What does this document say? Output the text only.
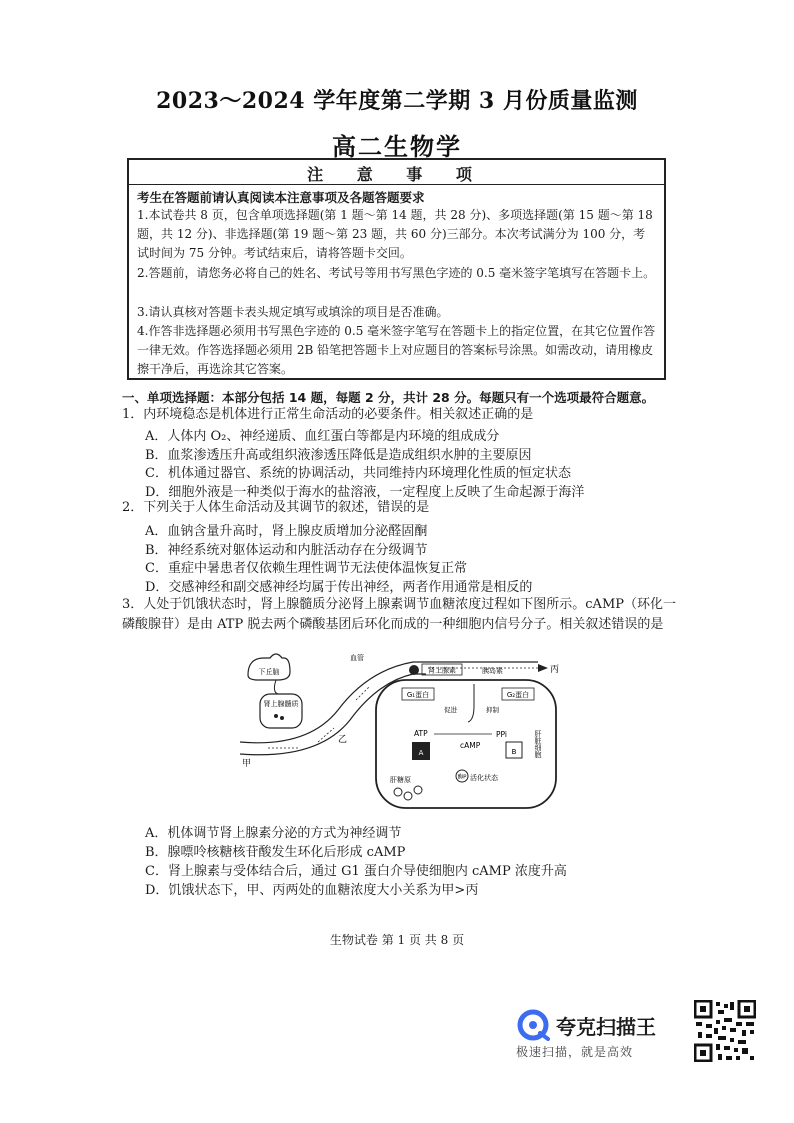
2023～2024 学年度第二学期 3 月份质量监测
高二生物学
注 意 事 项
考生在答题前请认真阅读本注意事项及各题答题要求
1.本试卷共 8 页，包含单项选择题(第 1 题～第 14 题，共 28 分)、多项选择题(第 15 题～第 18 题，共 12 分)、非选择题(第 19 题～第 23 题，共 60 分)三部分。本次考试满分为 100 分，考试时间为 75 分钟。考试结束后，请将答题卡交回。
2.答题前，请您务必将自己的姓名、考试号等用书写黑色字迹的 0.5 毫米签字笔填写在答题卡上。
3.请认真核对答题卡表头规定填写或填涂的项目是否准确。
4.作答非选择题必须用书写黑色字迹的 0.5 毫米签字笔写在答题卡上的指定位置，在其它位置作答一律无效。作答选择题必须用 2B 铅笔把答题卡上对应题目的答案标号涂黑。如需改动，请用橡皮擦干净后，再选涂其它答案。
一、单项选择题：本部分包括 14 题，每题 2 分，共计 28 分。每题只有一个选项最符合题意。
1．内环境稳态是机体进行正常生命活动的必要条件。相关叙述正确的是
A．人体内 O₂、神经递质、血红蛋白等都是内环境的组成成分
B．血浆渗透压升高或组织液渗透压降低是造成组织水肿的主要原因
C．机体通过器官、系统的协调活动，共同维持内环境理化性质的恒定状态
D．细胞外液是一种类似于海水的盐溶液，一定程度上反映了生命起源于海洋
2．下列关于人体生命活动及其调节的叙述，错误的是
A．血钠含量升高时，肾上腺皮质增加分泌醛固酮
B．神经系统对躯体运动和内脏活动存在分级调节
C．重症中暑患者仅依赖生理性调节无法使体温恢复正常
D．交感神经和副交感神经均属于传出神经，两者作用通常是相反的
3．人处于饥饿状态时，肾上腺髓质分泌肾上腺素调节血糖浓度过程如下图所示。cAMP（环化一磷酸腺苷）是由 ATP 脱去两个磷酸基团后环化而成的一种细胞内信号分子。相关叙述错误的是
下丘脑
肾上腺髓质
血管
甲
乙
丙
肾上腺素	胰岛素
G₁蛋白	G₂蛋白
促进	抑制
ATP	PPi
cAMP
A	B
肝糖原	酶P 活化状态
肝脏细胞
A．机体调节肾上腺素分泌的方式为神经调节
B．腺嘌呤核糖核苷酸发生环化后形成 cAMP
C．肾上腺素与受体结合后，通过 G1 蛋白介导使细胞内 cAMP 浓度升高
D．饥饿状态下，甲、丙两处的血糖浓度大小关系为甲>丙
生物试卷 第 1 页 共 8 页
夸克扫描王
极速扫描，就是高效
